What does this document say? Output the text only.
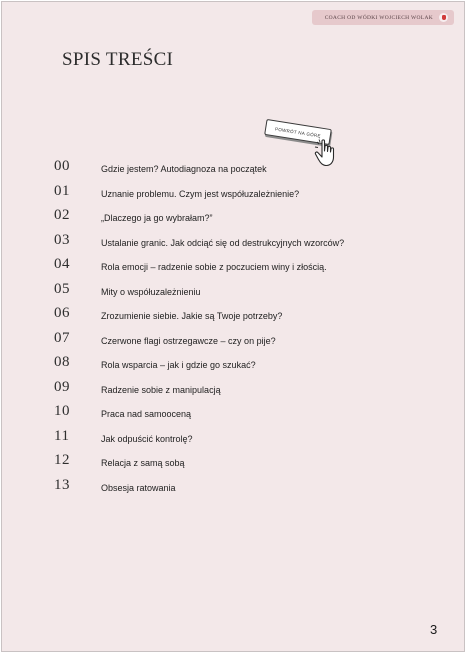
COACH OD WÓDKI WOJCIECH WOLAK
SPIS TREŚCI
POWRÓT NA GÓRĘ
00	Gdzie jestem? Autodiagnoza na początek
01	Uznanie problemu. Czym jest współuzależnienie?
02	„Dlaczego ja go wybrałam?”
03	Ustalanie granic. Jak odciąć się od destrukcyjnych wzorców?
04	Rola emocji – radzenie sobie z poczuciem winy i złością.
05	Mity o współuzależnieniu
06	Zrozumienie siebie. Jakie są Twoje potrzeby?
07	Czerwone flagi ostrzegawcze – czy on pije?
08	Rola wsparcia – jak i gdzie go szukać?
09	Radzenie sobie z manipulacją
10	Praca nad samooceną
11	Jak odpuścić kontrolę?
12	Relacja z samą sobą
13	Obsesja ratowania
3
